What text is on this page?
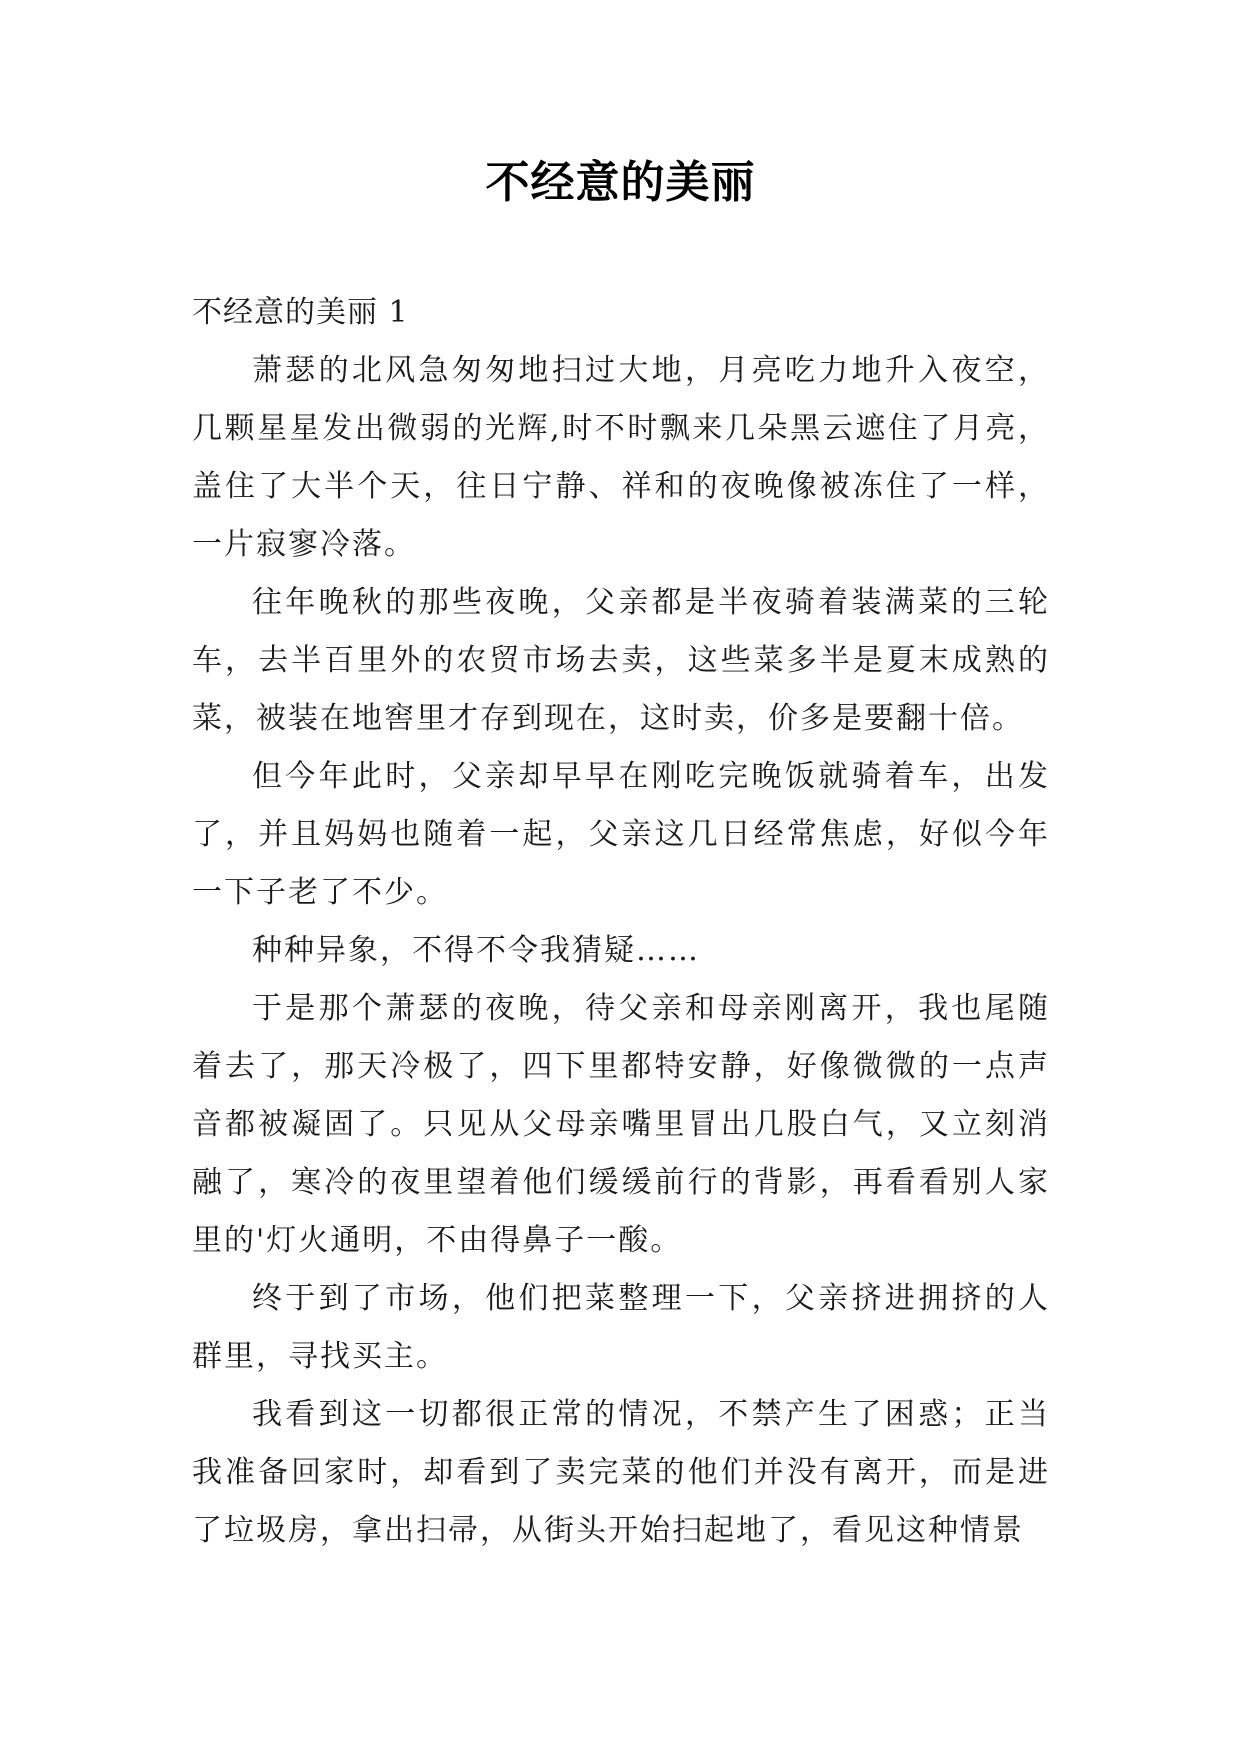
不经意的美丽

不经意的美丽 1

萧瑟的北风急匆匆地扫过大地，月亮吃力地升入夜空，几颗星星发出微弱的光辉,时不时飘来几朵黑云遮住了月亮，盖住了大半个天，往日宁静、祥和的夜晚像被冻住了一样，一片寂寥冷落。

往年晚秋的那些夜晚，父亲都是半夜骑着装满菜的三轮车，去半百里外的农贸市场去卖，这些菜多半是夏末成熟的菜，被装在地窖里才存到现在，这时卖，价多是要翻十倍。

但今年此时，父亲却早早在刚吃完晚饭就骑着车，出发了，并且妈妈也随着一起，父亲这几日经常焦虑，好似今年一下子老了不少。

种种异象，不得不令我猜疑……

于是那个萧瑟的夜晚，待父亲和母亲刚离开，我也尾随着去了，那天冷极了，四下里都特安静，好像微微的一点声音都被凝固了。只见从父母亲嘴里冒出几股白气，又立刻消融了，寒冷的夜里望着他们缓缓前行的背影，再看看别人家里的'灯火通明，不由得鼻子一酸。

终于到了市场，他们把菜整理一下，父亲挤进拥挤的人群里，寻找买主。

我看到这一切都很正常的情况，不禁产生了困惑；正当我准备回家时，却看到了卖完菜的他们并没有离开，而是进了垃圾房，拿出扫帚，从街头开始扫起地了，看见这种情景
